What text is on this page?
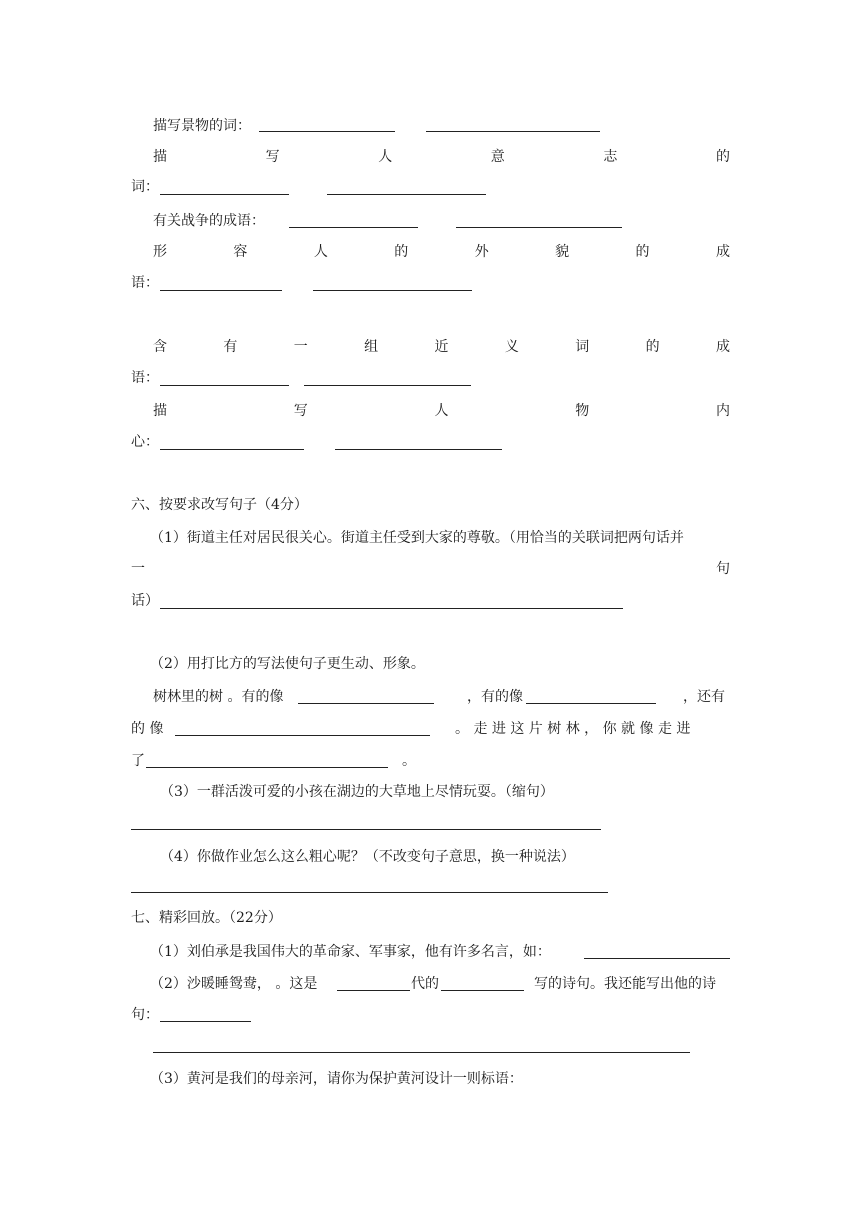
描写景物的词：
描	写	人	意	志	的
词：
有关战争的成语：
形	容	人	的	外	貌	的	成
语：
含	有	一	组	近	义	词	的	成
语：
描	写	人	物	内
心：
六、按要求改写句子（4分）
（1）街道主任对居民很关心。街道主任受到大家的尊敬。（用恰当的关联词把两句话并
一	句
话）
（2）用打比方的写法使句子更生动、形象。
树林里的树 。有的像	，有的像	，还有
的 像	。 走 进 这 片 树 林 ， 你 就 像 走 进
了	。
（3）一群活泼可爱的小孩在湖边的大草地上尽情玩耍。（缩句）
（4）你做作业怎么这么粗心呢？（不改变句子意思，换一种说法）
七、精彩回放。（22分）
（1）刘伯承是我国伟大的革命家、军事家，他有许多名言，如：
（2）沙暖睡鸳鸯， 。这是	代的	写的诗句。我还能写出他的诗
句：
（3）黄河是我们的母亲河，请你为保护黄河设计一则标语：
